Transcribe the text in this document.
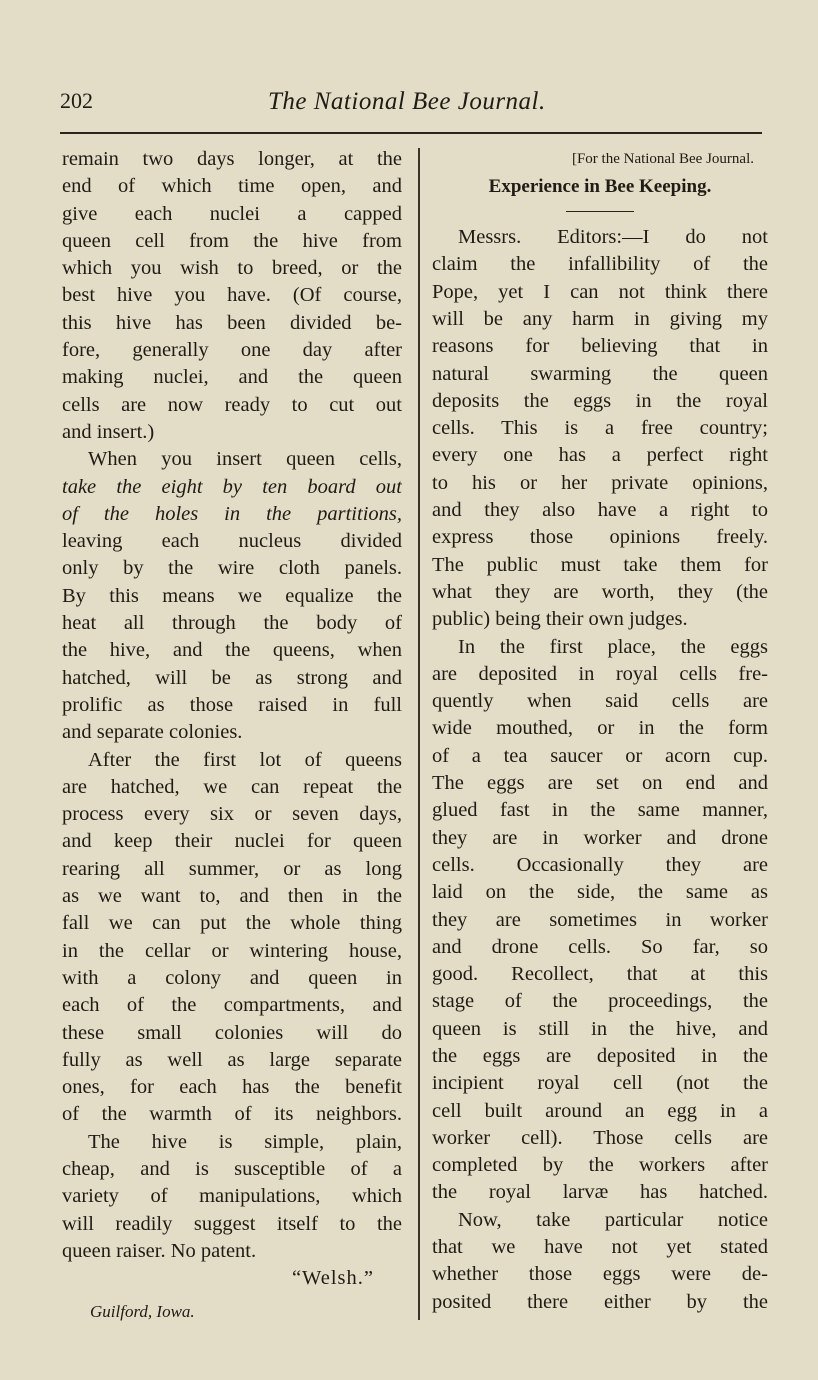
202	The National Bee Journal.
remain two days longer, at the
end of which time open, and
give each nuclei a capped
queen cell from the hive from
which you wish to breed, or the
best hive you have. (Of course,
this hive has been divided be-
fore, generally one day after
making nuclei, and the queen
cells are now ready to cut out
and insert.)
When you insert queen cells,
take the eight by ten board out
of the holes in the partitions,
leaving each nucleus divided
only by the wire cloth panels.
By this means we equalize the
heat all through the body of
the hive, and the queens, when
hatched, will be as strong and
prolific as those raised in full
and separate colonies.
After the first lot of queens
are hatched, we can repeat the
process every six or seven days,
and keep their nuclei for queen
rearing all summer, or as long
as we want to, and then in the
fall we can put the whole thing
in the cellar or wintering house,
with a colony and queen in
each of the compartments, and
these small colonies will do
fully as well as large separate
ones, for each has the benefit
of the warmth of its neighbors.
The hive is simple, plain,
cheap, and is susceptible of a
variety of manipulations, which
will readily suggest itself to the
queen raiser. No patent.
“Welsh.”
Guilford, Iowa.
[For the National Bee Journal.
Experience in Bee Keeping.
Messrs. Editors:—I do not
claim the infallibility of the
Pope, yet I can not think there
will be any harm in giving my
reasons for believing that in
natural swarming the queen
deposits the eggs in the royal
cells. This is a free country;
every one has a perfect right
to his or her private opinions,
and they also have a right to
express those opinions freely.
The public must take them for
what they are worth, they (the
public) being their own judges.
In the first place, the eggs
are deposited in royal cells fre-
quently when said cells are
wide mouthed, or in the form
of a tea saucer or acorn cup.
The eggs are set on end and
glued fast in the same manner,
they are in worker and drone
cells. Occasionally they are
laid on the side, the same as
they are sometimes in worker
and drone cells. So far, so
good. Recollect, that at this
stage of the proceedings, the
queen is still in the hive, and
the eggs are deposited in the
incipient royal cell (not the
cell built around an egg in a
worker cell). Those cells are
completed by the workers after
the royal larvæ has hatched.
Now, take particular notice
that we have not yet stated
whether those eggs were de-
posited there either by the
